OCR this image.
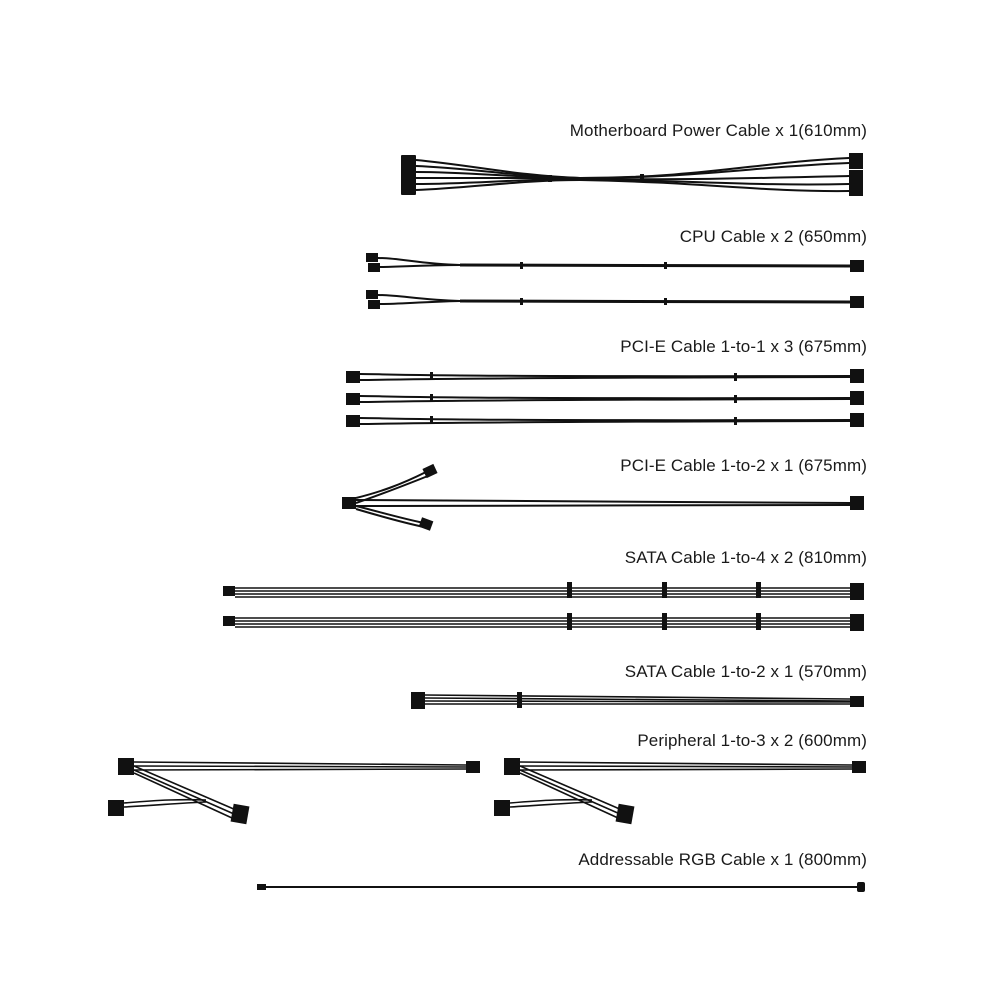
Motherboard Power Cable x 1(610mm)
CPU Cable x 2 (650mm)
PCI-E Cable 1-to-1 x 3 (675mm)
PCI-E Cable 1-to-2 x 1 (675mm)
SATA Cable 1-to-4 x 2 (810mm)
SATA Cable 1-to-2 x 1 (570mm)
Peripheral 1-to-3 x 2 (600mm)
Addressable RGB Cable x 1 (800mm)
